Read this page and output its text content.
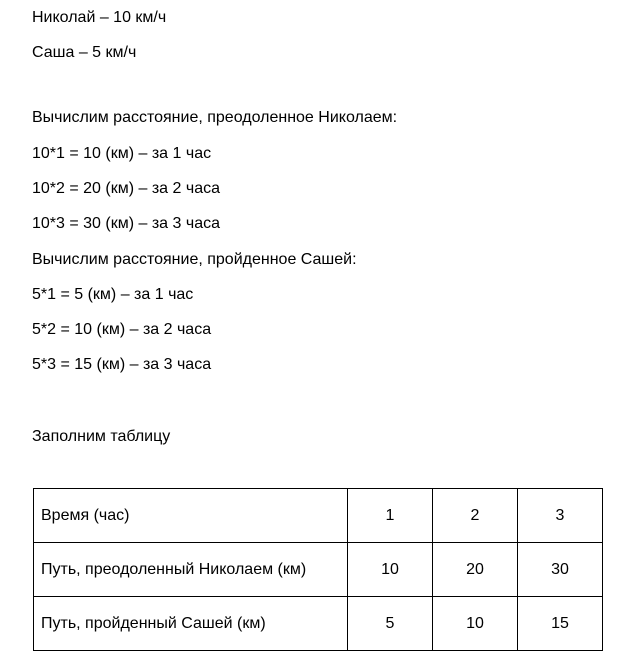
Николай – 10 км/ч
Саша – 5 км/ч
Вычислим расстояние, преодоленное Николаем:
10*1 = 10 (км) – за 1 час
10*2 = 20 (км) – за 2 часа
10*3 = 30 (км) – за 3 часа
Вычислим расстояние, пройденное Сашей:
5*1 = 5 (км) – за 1 час
5*2 = 10 (км) – за 2 часа
5*3 = 15 (км) – за 3 часа
Заполним таблицу
Время (час)	1	2	3
Путь, преодоленный Николаем (км)	10	20	30
Путь, пройденный Сашей (км)	5	10	15
